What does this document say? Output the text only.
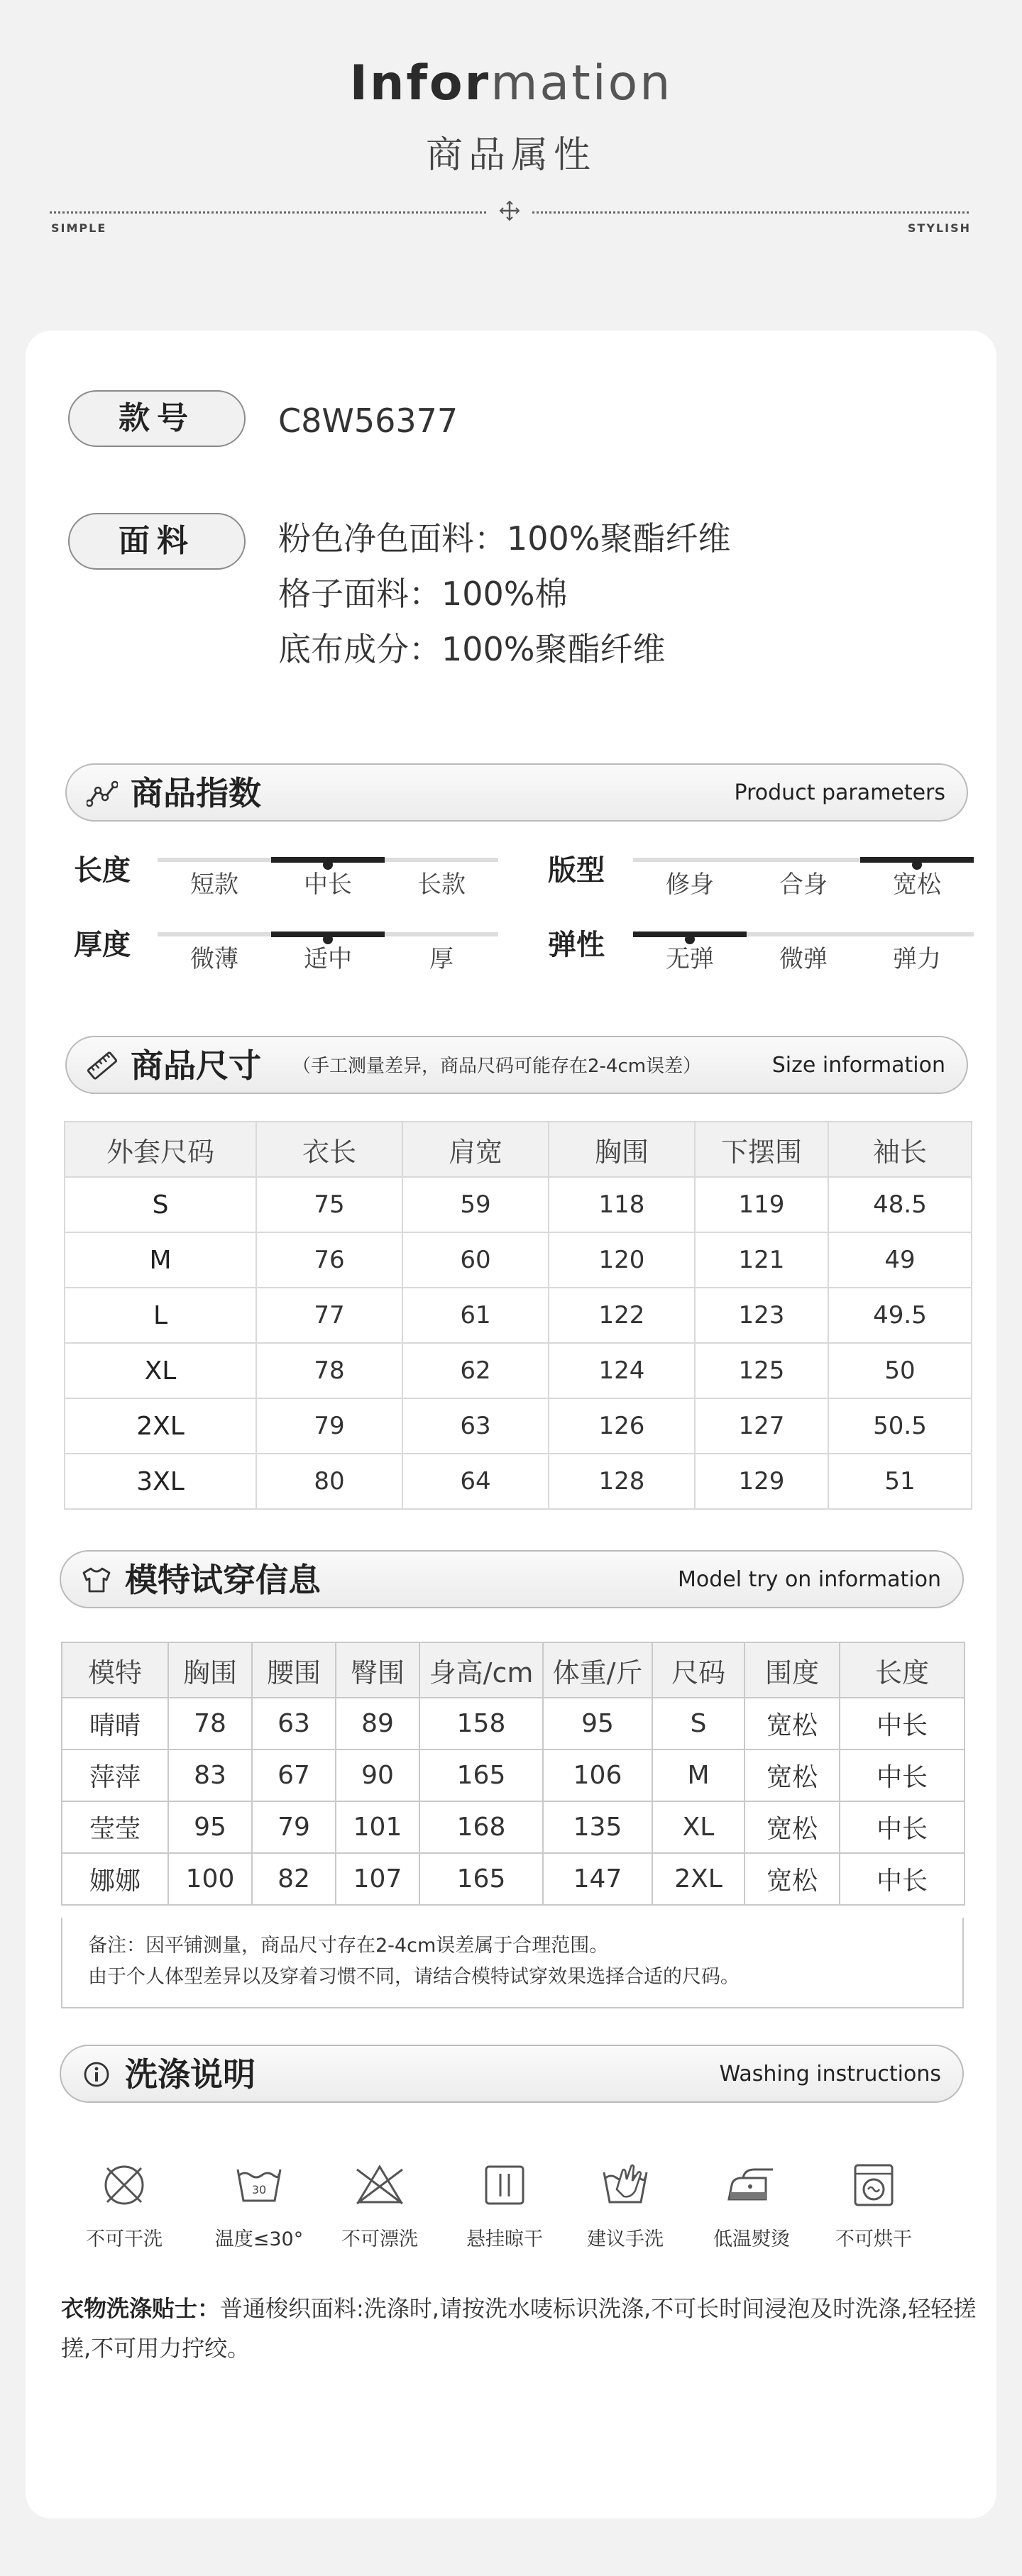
Information
商品属性
SIMPLE	STYLISH
款号	C8W56377
面料	粉色净色面料：100%聚酯纤维
格子面料：100%棉
底布成分：100%聚酯纤维
商品指数	Product parameters
长度	短款	中长	长款	版型	修身	合身	宽松
厚度	微薄	适中	厚	弹性	无弹	微弹	弹力
商品尺寸 （手工测量差异，商品尺码可能存在2-4cm误差）	Size information
外套尺码	衣长	肩宽	胸围	下摆围	袖长
S	75	59	118	119	48.5
M	76	60	120	121	49
L	77	61	122	123	49.5
XL	78	62	124	125	50
2XL	79	63	126	127	50.5
3XL	80	64	128	129	51
模特试穿信息	Model try on information
模特	胸围	腰围	臀围	身高/cm	体重/斤	尺码	围度	长度
晴晴	78	63	89	158	95	S	宽松	中长
萍萍	83	67	90	165	106	M	宽松	中长
莹莹	95	79	101	168	135	XL	宽松	中长
娜娜	100	82	107	165	147	2XL	宽松	中长
备注：因平铺测量，商品尺寸存在2-4cm误差属于合理范围。
由于个人体型差异以及穿着习惯不同，请结合模特试穿效果选择合适的尺码。
洗涤说明	Washing instructions
不可干洗
30
温度≤30°	不可漂洗	悬挂晾干	建议手洗	低温熨烫	不可烘干
衣物洗涤贴士：普通梭织面料:洗涤时,请按洗水唛标识洗涤,不可长时间浸泡及时洗涤,轻轻搓搓,不可用力拧绞。
